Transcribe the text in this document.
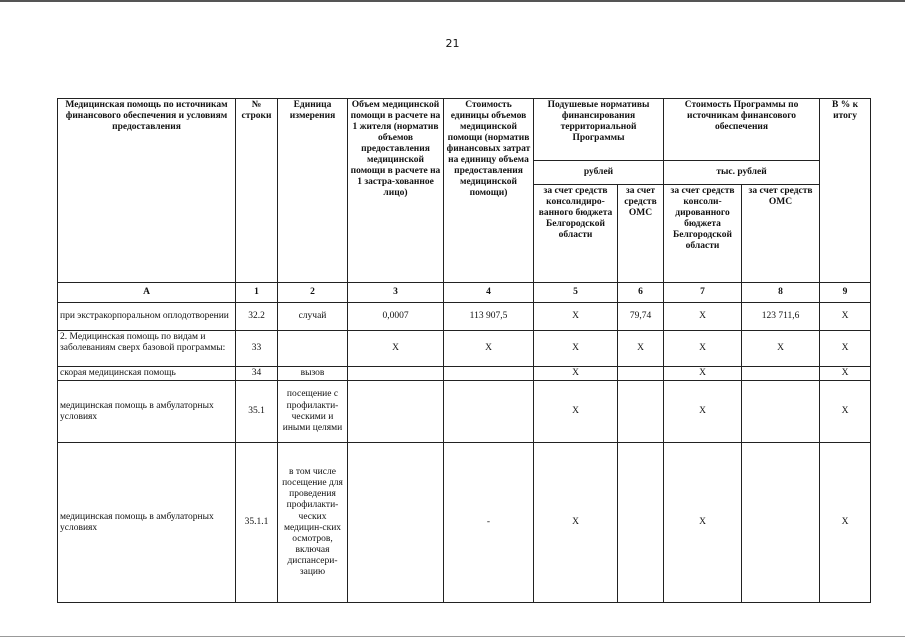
21
Медицинская помощь по источникам финансового обеспечения и условиям предоставления	№ строки	Единица измерения	Объем медицинской помощи в расчете на 1 жителя (норматив объемов предоставления медицинской помощи в расчете на 1 застра-хованное лицо)	Стоимость единицы объемов медицинской помощи (норматив финансовых затрат на единицу объема предоставления медицинской помощи)	Подушевые нормативы финансирования территориальной Программы		Стоимость Программы по источникам финансового обеспечения		В % к итогу
					рублей		тыс. рублей		
					за счет средств консолидиро-ванного бюджета Белгородской области	за счет средств ОМС	за счет средств консоли-дированного бюджета Белгородской области	за счет средств ОМС	
А	1	2	3	4	5	6	7	8	9
при экстракорпоральном оплодотворении	32.2	случай	0,0007	113 907,5	Х	79,74	Х	123 711,6	Х
2. Медицинская помощь по видам и заболеваниям сверх базовой программы:	33		Х	Х	Х	Х	Х	Х	Х
скорая медицинская помощь	34	вызов			Х		Х		Х
медицинская помощь в амбулаторных условиях	35.1	посещение с профилакти-ческими и иными целями			Х		Х		Х
медицинская помощь в амбулаторных условиях	35.1.1	в том числе посещение для проведения профилакти-ческих медицин-ских осмотров, включая диспансери-зацию		-	Х		Х		Х
